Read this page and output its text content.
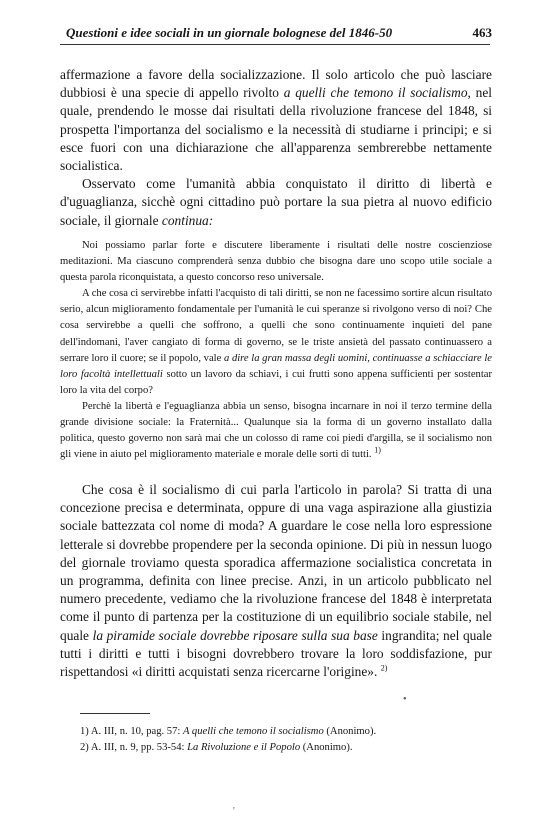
Questioni e idee sociali in un giornale bolognese del 1846-50	463

affermazione a favore della socializzazione. Il solo articolo che può lasciare dubbiosi è una specie di appello rivolto a quelli che temono il socialismo, nel quale, prendendo le mosse dai risultati della rivoluzione francese del 1848, si prospetta l'importanza del socialismo e la necessità di studiarne i principi; e si esce fuori con una dichiarazione che all'apparenza sembrerebbe nettamente socialistica.

Osservato come l'umanità abbia conquistato il diritto di libertà e d'uguaglianza, sicchè ogni cittadino può portare la sua pietra al nuovo edificio sociale, il giornale continua:

Noi possiamo parlar forte e discutere liberamente i risultati delle nostre coscienziose meditazioni. Ma ciascuno comprenderà senza dubbio che bisogna dare uno scopo utile sociale a questa parola riconquistata, a questo concorso reso universale.

A che cosa ci servirebbe infatti l'acquisto di tali diritti, se non ne facessimo sortire alcun risultato serio, alcun miglioramento fondamentale per l'umanità le cui speranze si rivolgono verso di noi? Che cosa servirebbe a quelli che soffrono, a quelli che sono continuamente inquieti del pane dell'indomani, l'aver cangiato di forma di governo, se le triste ansietà del passato continuassero a serrare loro il cuore; se il popolo, vale a dire la gran massa degli uomini, continuasse a schiacciare le loro facoltà intellettuali sotto un lavoro da schiavi, i cui frutti sono appena sufficienti per sostentar loro la vita del corpo?

Perchè la libertà e l'eguaglianza abbia un senso, bisogna incarnare in noi il terzo termine della grande divisione sociale: la Fraternità... Qualunque sia la forma di un governo installato dalla politica, questo governo non sarà mai che un colosso di rame coi piedi d'argilla, se il socialismo non gli viene in aiuto pel miglioramento materiale e morale delle sorti di tutti. $^{1)}$

Che cosa è il socialismo di cui parla l'articolo in parola? Si tratta di una concezione precisa e determinata, oppure di una vaga aspirazione alla giustizia sociale battezzata col nome di moda? A guardare le cose nella loro espressione letterale si dovrebbe propendere per la seconda opinione. Di più in nessun luogo del giornale troviamo questa sporadica affermazione socialistica concretata in un programma, definita con linee precise. Anzi, in un articolo pubblicato nel numero precedente, vediamo che la rivoluzione francese del 1848 è interpretata come il punto di partenza per la costituzione di un equilibrio sociale stabile, nel quale la piramide sociale dovrebbe riposare sulla sua base ingrandita; nel quale tutti i diritti e tutti i bisogni dovrebbero trovare la loro soddisfazione, pur rispettandosi «i diritti acquistati senza ricercarne l'origine». $^{2)}$

•

1) A. III, n. 10, pag. 57: A quelli che temono il socialismo (Anonimo).

2) A. III, n. 9, pp. 53-54: La Rivoluzione e il Popolo (Anonimo).

'
